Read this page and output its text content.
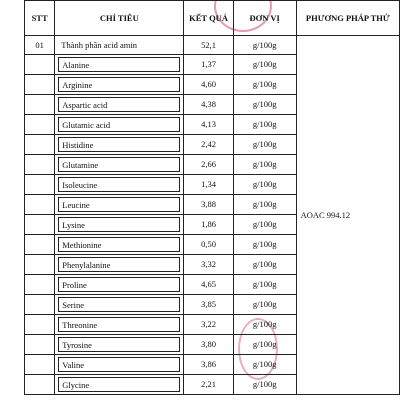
STT	CHỈ TIÊU	KẾT QUẢ	ĐƠN VỊ	PHƯƠNG PHÁP THỬ
01	Thành phần acid amin	52,1	g/100g	AOAC 994.12

	Alanine	1,37	g/100g	

	Arginine	4,60	g/100g	

	Aspartic acid	4,38	g/100g	

	Glutamic acid	4,13	g/100g	

	Histidine	2,42	g/100g	

	Glutamine	2,66	g/100g	

	Isoleucine	1,34	g/100g	

	Leucine	3,88	g/100g	

	Lysine	1,86	g/100g	

	Methionine	0,50	g/100g	

	Phenylalanine	3,32	g/100g	

	Proline	4,65	g/100g	

	Serine	3,85	g/100g	

	Threonine	3,22	g/100g	

	Tyrosine	3,80	g/100g	

	Valine	3,86	g/100g	

	Glycine	2,21	g/100g	
